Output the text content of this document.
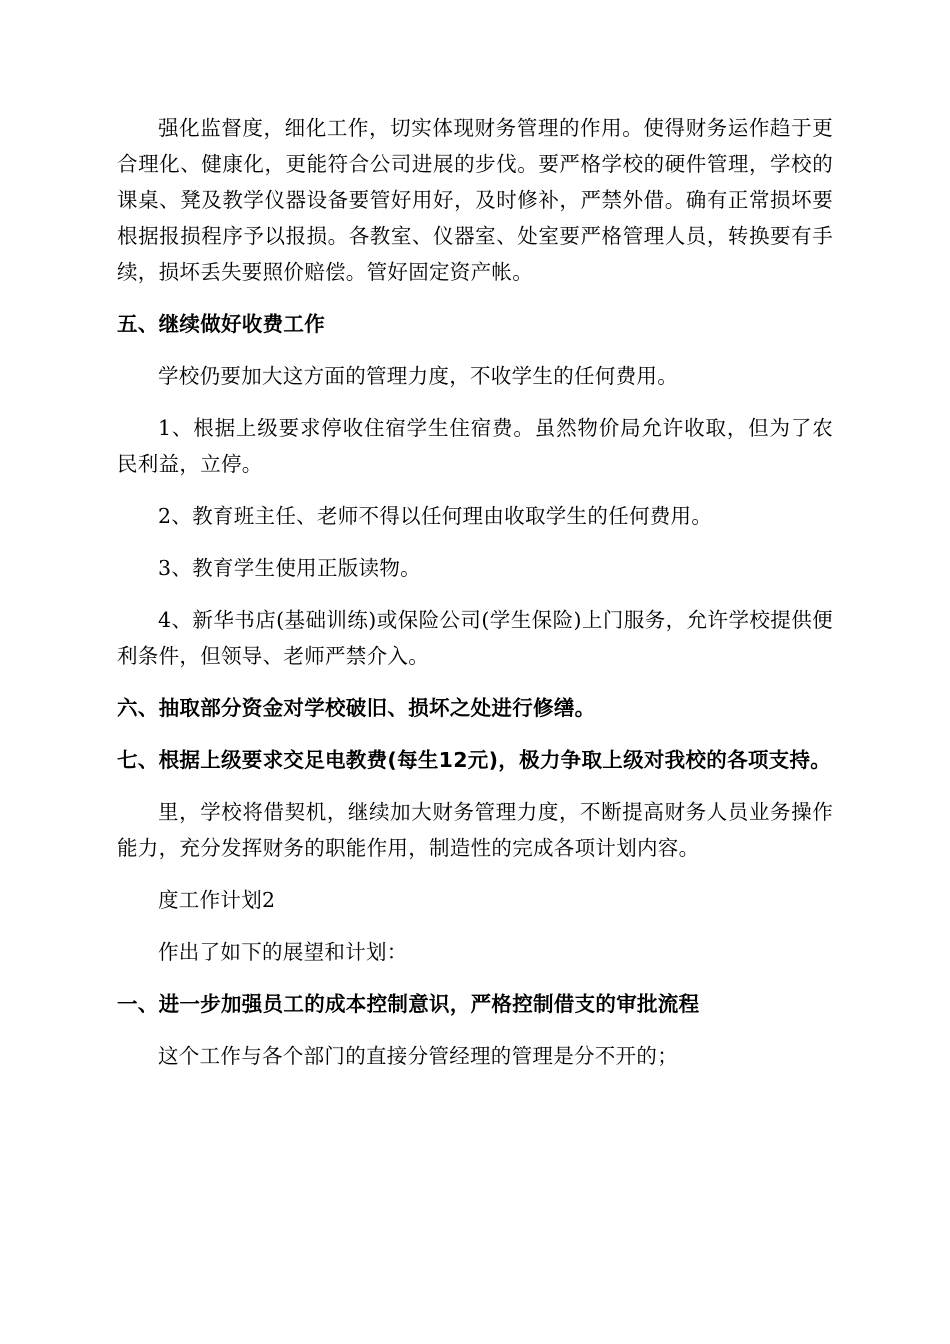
强化监督度，细化工作，切实体现财务管理的作用。使得财务运作趋于更合理化、健康化，更能符合公司进展的步伐。要严格学校的硬件管理，学校的课桌、凳及教学仪器设备要管好用好，及时修补，严禁外借。确有正常损坏要根据报损程序予以报损。各教室、仪器室、处室要严格管理人员，转换要有手续，损坏丢失要照价赔偿。管好固定资产帐。

五、继续做好收费工作

学校仍要加大这方面的管理力度，不收学生的任何费用。

1、根据上级要求停收住宿学生住宿费。虽然物价局允许收取，但为了农民利益，立停。

2、教育班主任、老师不得以任何理由收取学生的任何费用。

3、教育学生使用正版读物。

4、新华书店(基础训练)或保险公司(学生保险)上门服务，允许学校提供便利条件，但领导、老师严禁介入。

六、抽取部分资金对学校破旧、损坏之处进行修缮。

七、根据上级要求交足电教费(每生12元)，极力争取上级对我校的各项支持。

里，学校将借契机，继续加大财务管理力度，不断提高财务人员业务操作能力，充分发挥财务的职能作用，制造性的完成各项计划内容。

度工作计划2

作出了如下的展望和计划：

一、进一步加强员工的成本控制意识，严格控制借支的审批流程

这个工作与各个部门的直接分管经理的管理是分不开的；
